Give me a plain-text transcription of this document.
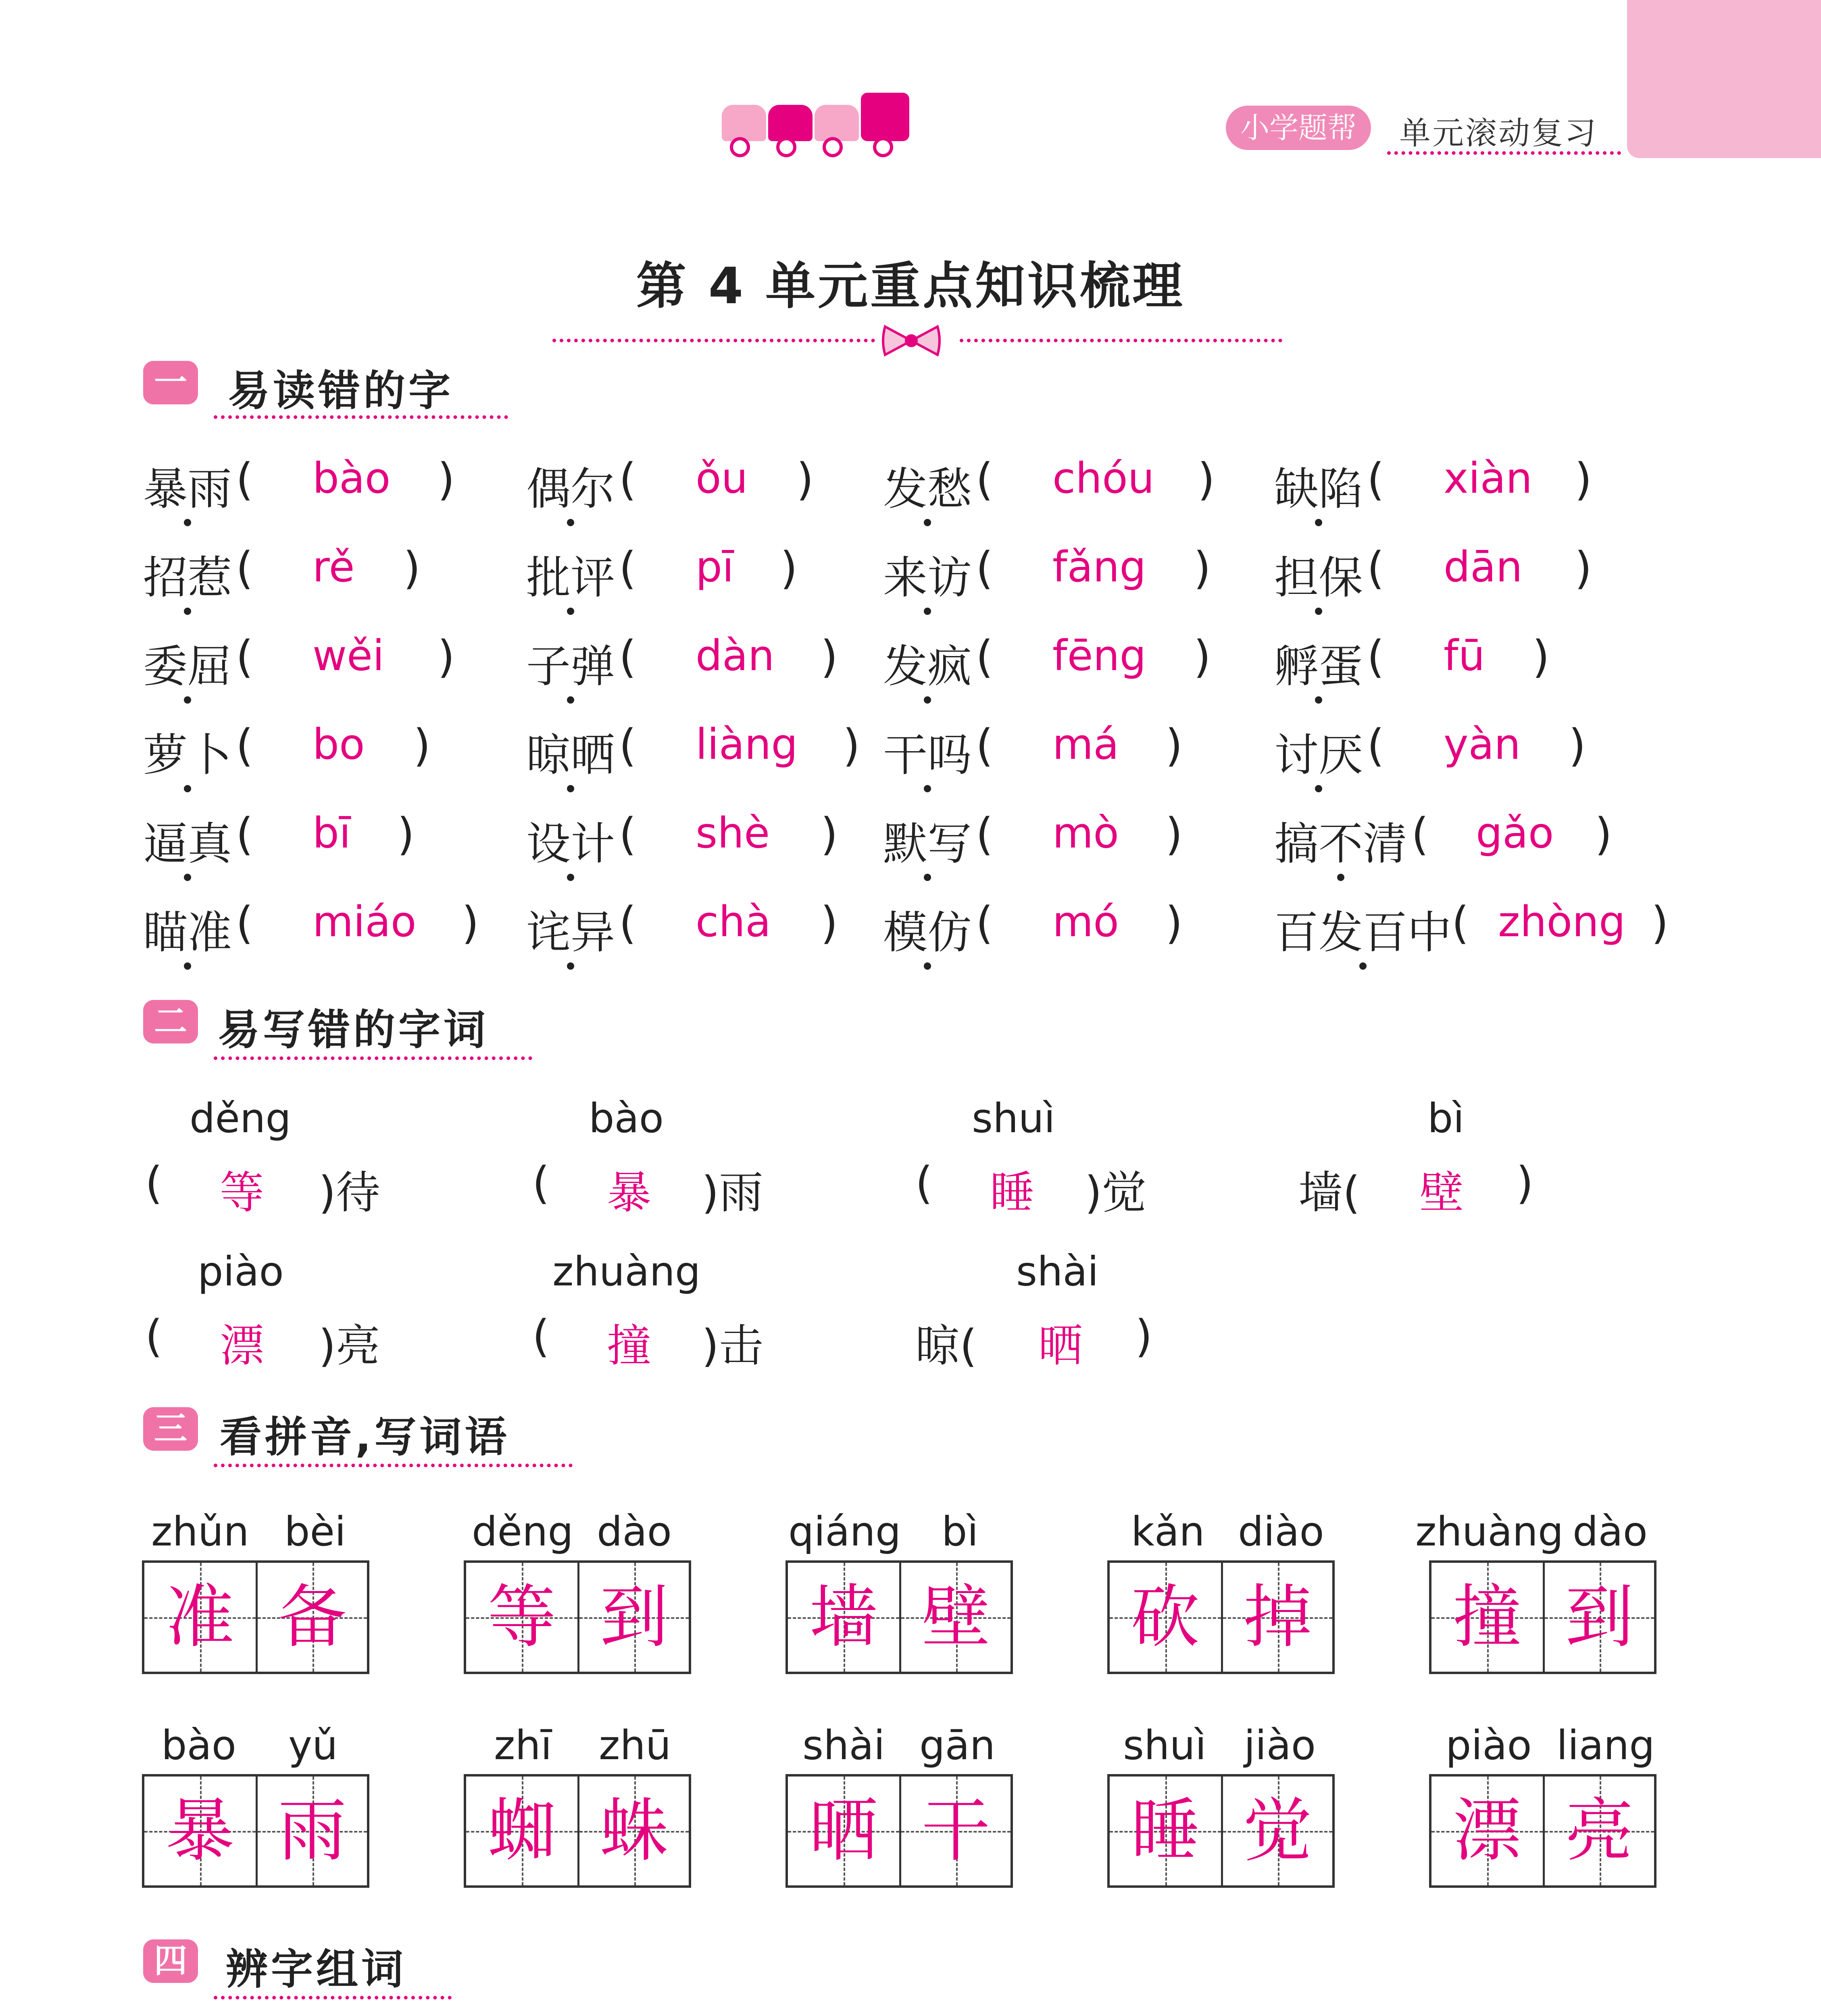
小学题帮	单元滚动复习
第 4 单元重点知识梳理
一 易读错的字
暴雨 ( bào ) 偶尔 ( ǒu ) 发愁 ( chóu ) 缺陷 ( xiàn )
招惹 ( rě ) 批评 ( pī ) 来访 ( fǎng ) 担保 ( dān )
委屈 ( wěi ) 子弹 ( dàn ) 发疯 ( fēng ) 孵蛋 ( fū )
萝卜 ( bo ) 晾晒 ( liàng ) 干吗 ( má ) 讨厌 ( yàn )
逼真 ( bī )	设计 ( shè ) 默写 ( mò ) 搞不清 ( gǎo )
瞄准 ( miáo ) 诧异 ( chà ) 模仿 ( mó ) 百发百中 ( zhòng )
二 易写错的字词
děng
( 等 )待
bào
( 暴 )雨
shuì
( 睡 )觉
bì
墙( 壁 )
piào
( 漂 )亮
zhuàng
( 撞 )击
shài
晾( 晒 )
三 看拼音,写词语
zhǔn bèi
准 备
děng dào
等 到
qiáng bì
墙 壁
kǎn diào
砍 掉
zhuàng dào
撞 到
bào yǔ
暴 雨
zhī zhū
蜘 蛛
shài gān
晒 干
shuì jiào
睡 觉
piào liang
漂 亮
四 辨字组词
